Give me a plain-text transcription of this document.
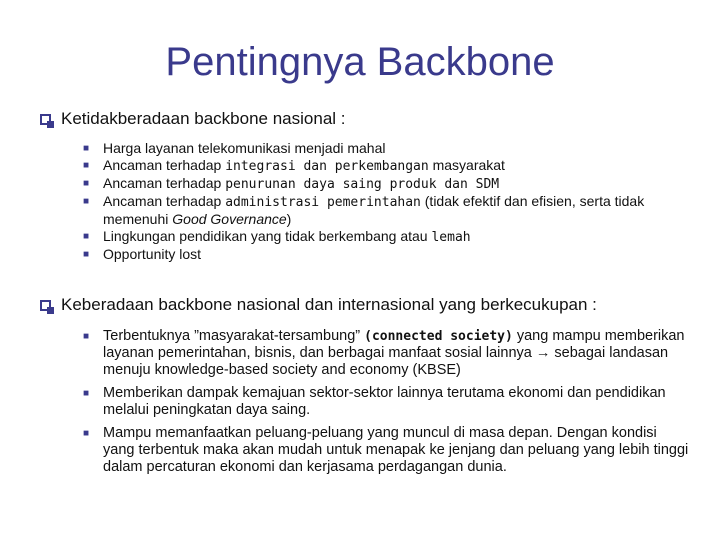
Pentingnya Backbone
Ketidakberadaan backbone nasional :
■ Harga layanan telekomunikasi menjadi mahal
■ Ancaman terhadap integrasi dan perkembangan masyarakat
■ Ancaman terhadap penurunan daya saing produk dan SDM
■ Ancaman terhadap administrasi pemerintahan (tidak efektif dan efisien, serta tidak memenuhi Good Governance)
■ Lingkungan pendidikan yang tidak berkembang atau lemah
■ Opportunity lost
Keberadaan backbone nasional dan internasional yang berkecukupan :
■ Terbentuknya ”masyarakat-tersambung” (connected society) yang mampu memberikan layanan pemerintahan, bisnis, dan berbagai manfaat sosial lainnya → sebagai landasan menuju knowledge-based society and economy (KBSE)
■ Memberikan dampak kemajuan sektor-sektor lainnya terutama ekonomi dan pendidikan melalui peningkatan daya saing.
■ Mampu memanfaatkan peluang-peluang yang muncul di masa depan. Dengan kondisi yang terbentuk maka akan mudah untuk menapak ke jenjang dan peluang yang lebih tinggi dalam percaturan ekonomi dan kerjasama perdagangan dunia.
